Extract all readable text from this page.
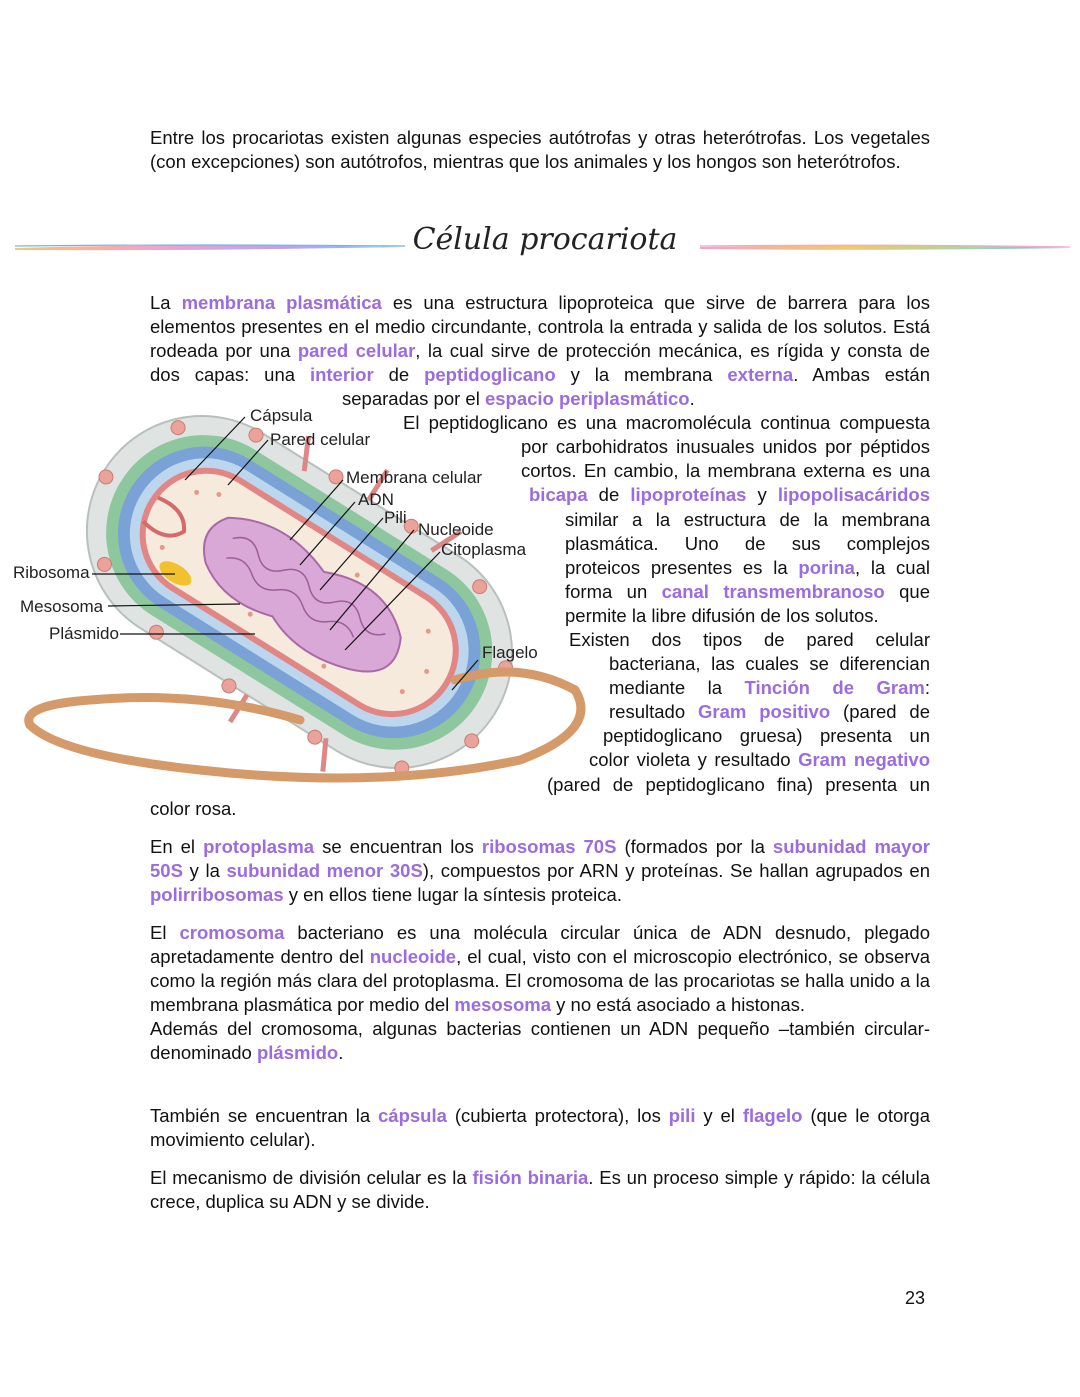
Entre los procariotas existen algunas especies autótrofas y otras heterótrofas. Los vegetales (con excepciones) son autótrofos, mientras que los animales y los hongos son heterótrofos.

Célula procariota

La membrana plasmática es una estructura lipoproteica que sirve de barrera para los elementos presentes en el medio circundante, controla la entrada y salida de los solutos. Está rodeada por una pared celular, la cual sirve de protección mecánica, es rígida y consta de dos capas: una interior de peptidoglicano y la membrana externa. Ambas están

separadas por el espacio periplasmático.
El peptidoglicano es una macromolécula continua compuesta
por carbohidratos inusuales unidos por péptidos
cortos. En cambio, la membrana externa es una
bicapa de lipoproteínas y lipopolisacáridos
similar a la estructura de la membrana
plasmática. Uno de sus complejos
proteicos presentes es la porina, la cual
forma un canal transmembranoso que
permite la libre difusión de los solutos.
Existen dos tipos de pared celular
bacteriana, las cuales se diferencian
mediante la Tinción de Gram:
resultado Gram positivo (pared de
peptidoglicano gruesa) presenta un
color violeta y resultado Gram negativo
(pared de peptidoglicano fina) presenta un
color rosa.
Cápsula
Pared celular
Membrana celular
ADN
Pili
Nucleoide
Citoplasma
Ribosoma
Mesosoma
Plásmido
Flagelo

En el protoplasma se encuentran los ribosomas 70S (formados por la subunidad mayor 50S y la subunidad menor 30S), compuestos por ARN y proteínas. Se hallan agrupados en polirribosomas y en ellos tiene lugar la síntesis proteica.

El cromosoma bacteriano es una molécula circular única de ADN desnudo, plegado apretadamente dentro del nucleoide, el cual, visto con el microscopio electrónico, se observa como la región más clara del protoplasma. El cromosoma de las procariotas se halla unido a la membrana plasmática por medio del mesosoma y no está asociado a histonas.
Además del cromosoma, algunas bacterias contienen un ADN pequeño –también circular- denominado plásmido.

También se encuentran la cápsula (cubierta protectora), los pili y el flagelo (que le otorga movimiento celular).

El mecanismo de división celular es la fisión binaria. Es un proceso simple y rápido: la célula crece, duplica su ADN y se divide.

23
